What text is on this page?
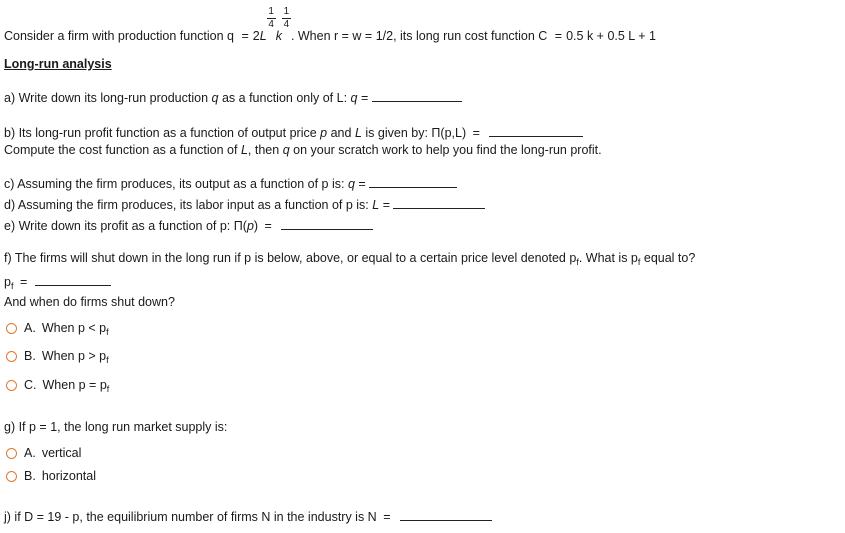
Consider a firm with production function $q = 2L \frac{1}{4}$ k $\frac{1}{4}$ . When r = w = 1/2, its long run cost function C = 0.5 k + 0.5 L + 1
Long-run analysis
a) Write down its long-run production q as a function only of L: q =
b) Its long-run profit function as a function of output price p and L is given by: Π(p,L) =
Compute the cost function as a function of L, then q on your scratch work to help you find the long-run profit.
c) Assuming the firm produces, its output as a function of p is: q =
d) Assuming the firm produces, its labor input as a function of p is: L =
e) Write down its profit as a function of p: Π(p) =
f) The firms will shut down in the long run if p is below, above, or equal to a certain price level denoted $p_f$. What is $p_f$ equal to?
$p_f$ =
And when do firms shut down?
A. When $p < p_f$
B. When $p > p_f$
C. When $p = p_f$
g) If p = 1, the long run market supply is:
A. vertical
B. horizontal
j) if D = 19 - p, the equilibrium number of firms N in the industry is N =
